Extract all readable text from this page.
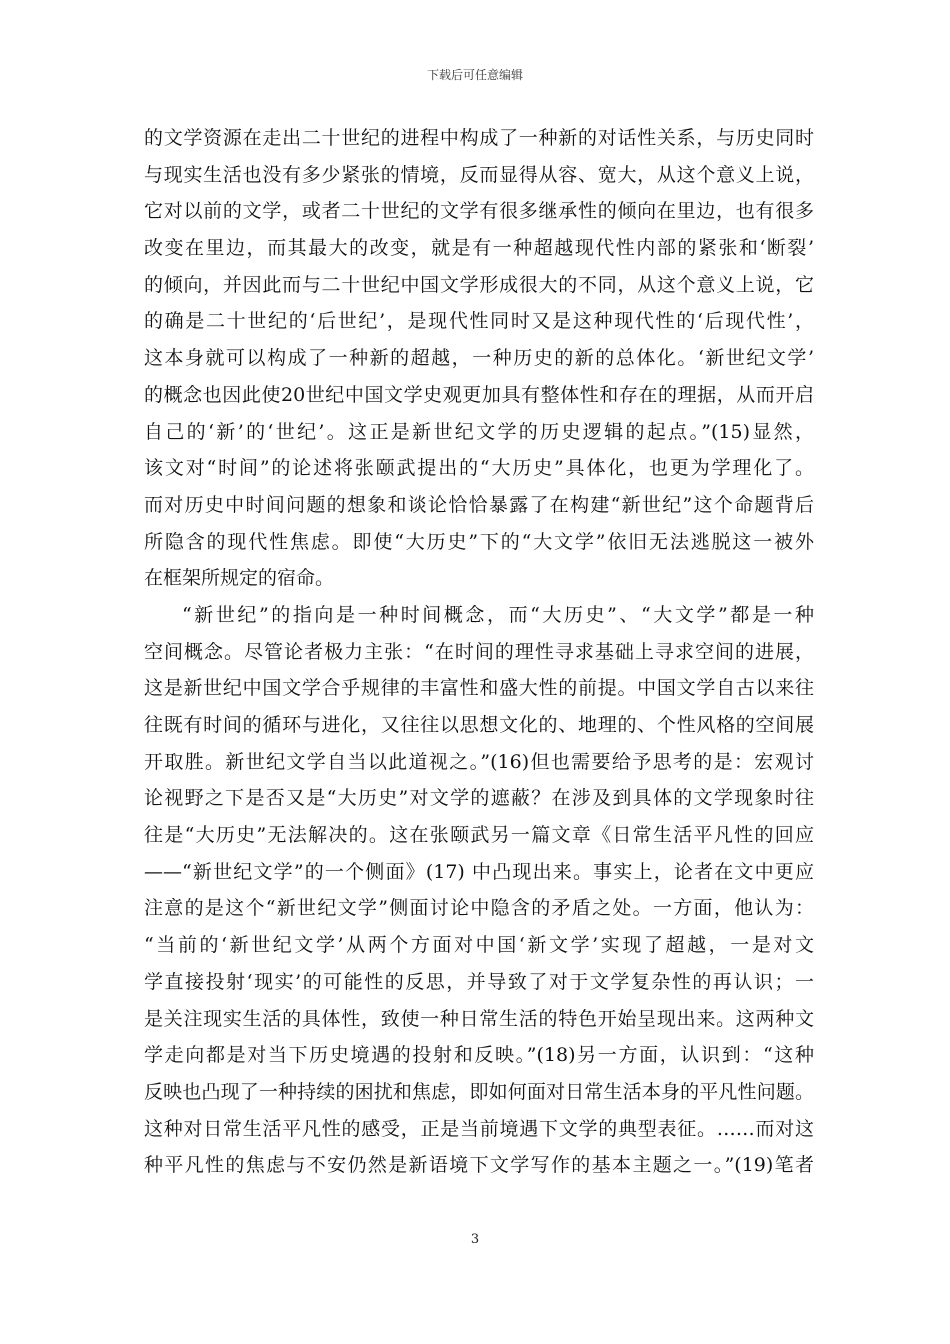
下载后可任意编辑
的文学资源在走出二十世纪的进程中构成了一种新的对话性关系，与历史同时
与现实生活也没有多少紧张的情境，反而显得从容、宽大，从这个意义上说，
它对以前的文学，或者二十世纪的文学有很多继承性的倾向在里边，也有很多
改变在里边，而其最大的改变，就是有一种超越现代性内部的紧张和‘断裂’
的倾向，并因此而与二十世纪中国文学形成很大的不同，从这个意义上说，它
的确是二十世纪的‘后世纪’，是现代性同时又是这种现代性的‘后现代性’，
这本身就可以构成了一种新的超越，一种历史的新的总体化。‘新世纪文学’
的概念也因此使20世纪中国文学史观更加具有整体性和存在的理据，从而开启
自己的‘新’的‘世纪’。这正是新世纪文学的历史逻辑的起点。”(15)显然，
该文对“时间”的论述将张颐武提出的“大历史”具体化，也更为学理化了。
而对历史中时间问题的想象和谈论恰恰暴露了在构建“新世纪”这个命题背后
所隐含的现代性焦虑。即使“大历史”下的“大文学”依旧无法逃脱这一被外
在框架所规定的宿命。
“新世纪”的指向是一种时间概念，而“大历史”、“大文学”都是一种
空间概念。尽管论者极力主张：“在时间的理性寻求基础上寻求空间的进展，
这是新世纪中国文学合乎规律的丰富性和盛大性的前提。中国文学自古以来往
往既有时间的循环与进化，又往往以思想文化的、地理的、个性风格的空间展
开取胜。新世纪文学自当以此道视之。”(16)但也需要给予思考的是：宏观讨
论视野之下是否又是“大历史”对文学的遮蔽？在涉及到具体的文学现象时往
往是“大历史”无法解决的。这在张颐武另一篇文章《日常生活平凡性的回应
——“新世纪文学”的一个侧面》(17) 中凸现出来。事实上，论者在文中更应
注意的是这个“新世纪文学”侧面讨论中隐含的矛盾之处。一方面，他认为：
“当前的‘新世纪文学’从两个方面对中国‘新文学’实现了超越，一是对文
学直接投射‘现实’的可能性的反思，并导致了对于文学复杂性的再认识；一
是关注现实生活的具体性，致使一种日常生活的特色开始呈现出来。这两种文
学走向都是对当下历史境遇的投射和反映。”(18)另一方面，认识到：“这种
反映也凸现了一种持续的困扰和焦虑，即如何面对日常生活本身的平凡性问题。
这种对日常生活平凡性的感受，正是当前境遇下文学的典型表征。……而对这
种平凡性的焦虑与不安仍然是新语境下文学写作的基本主题之一。”(19)笔者
3
